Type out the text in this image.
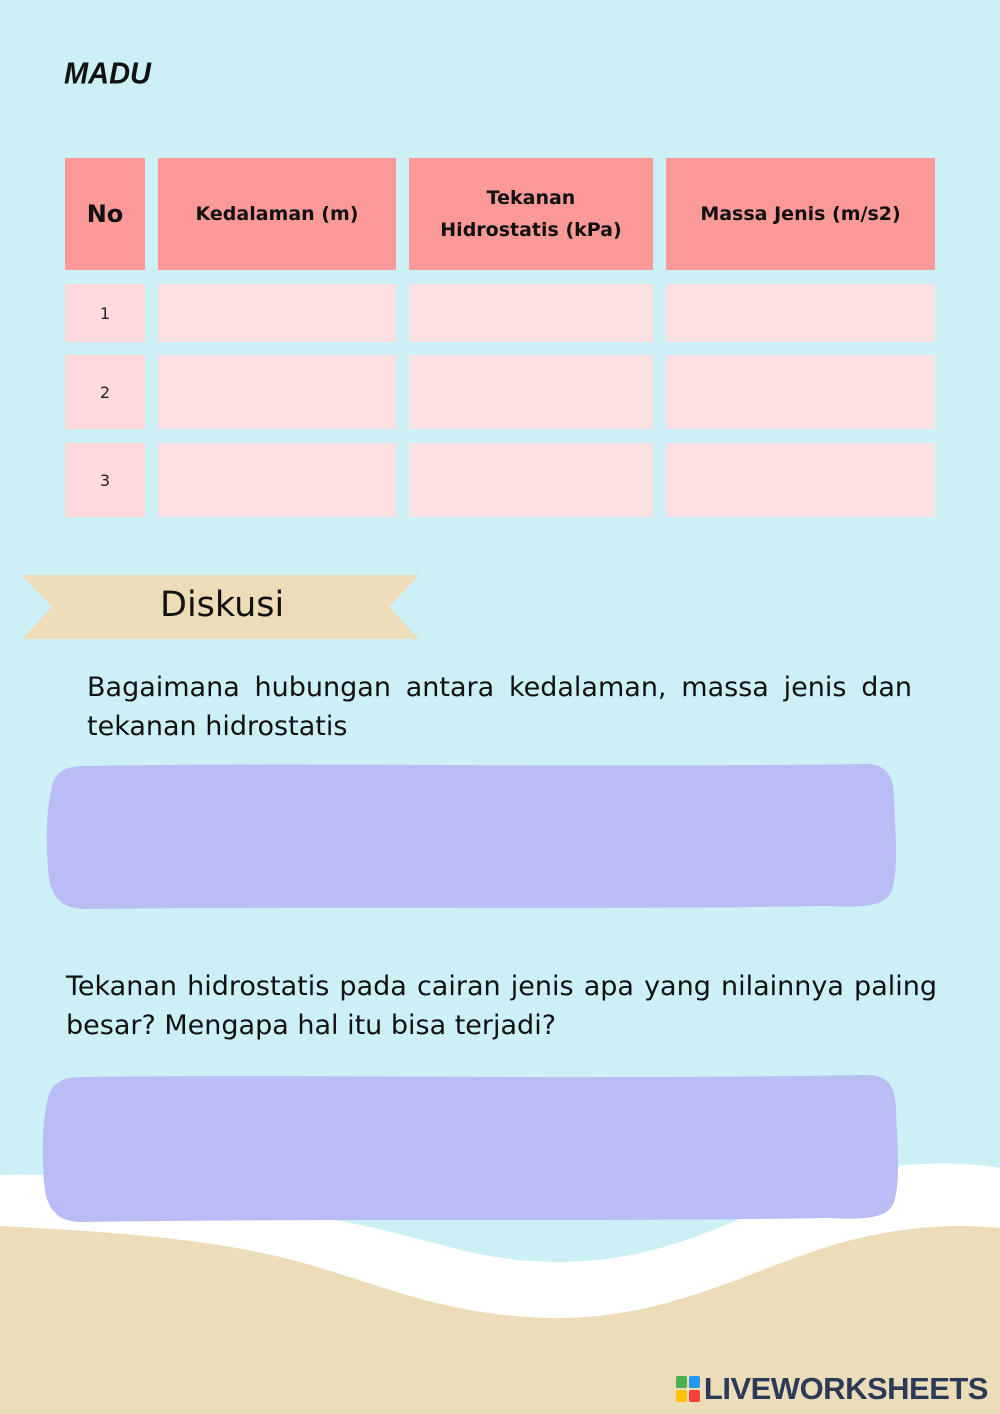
MADU
No	Kedalaman (m)
Tekanan
Hidrostatis (kPa)
Massa Jenis (m/s2)
1
2
3
Diskusi
Bagaimana hubungan antara kedalaman, massa jenis dan tekanan hidrostatis
Tekanan hidrostatis pada cairan jenis apa yang nilainnya paling besar? Mengapa hal itu bisa terjadi?
LIVEWORKSHEETS
